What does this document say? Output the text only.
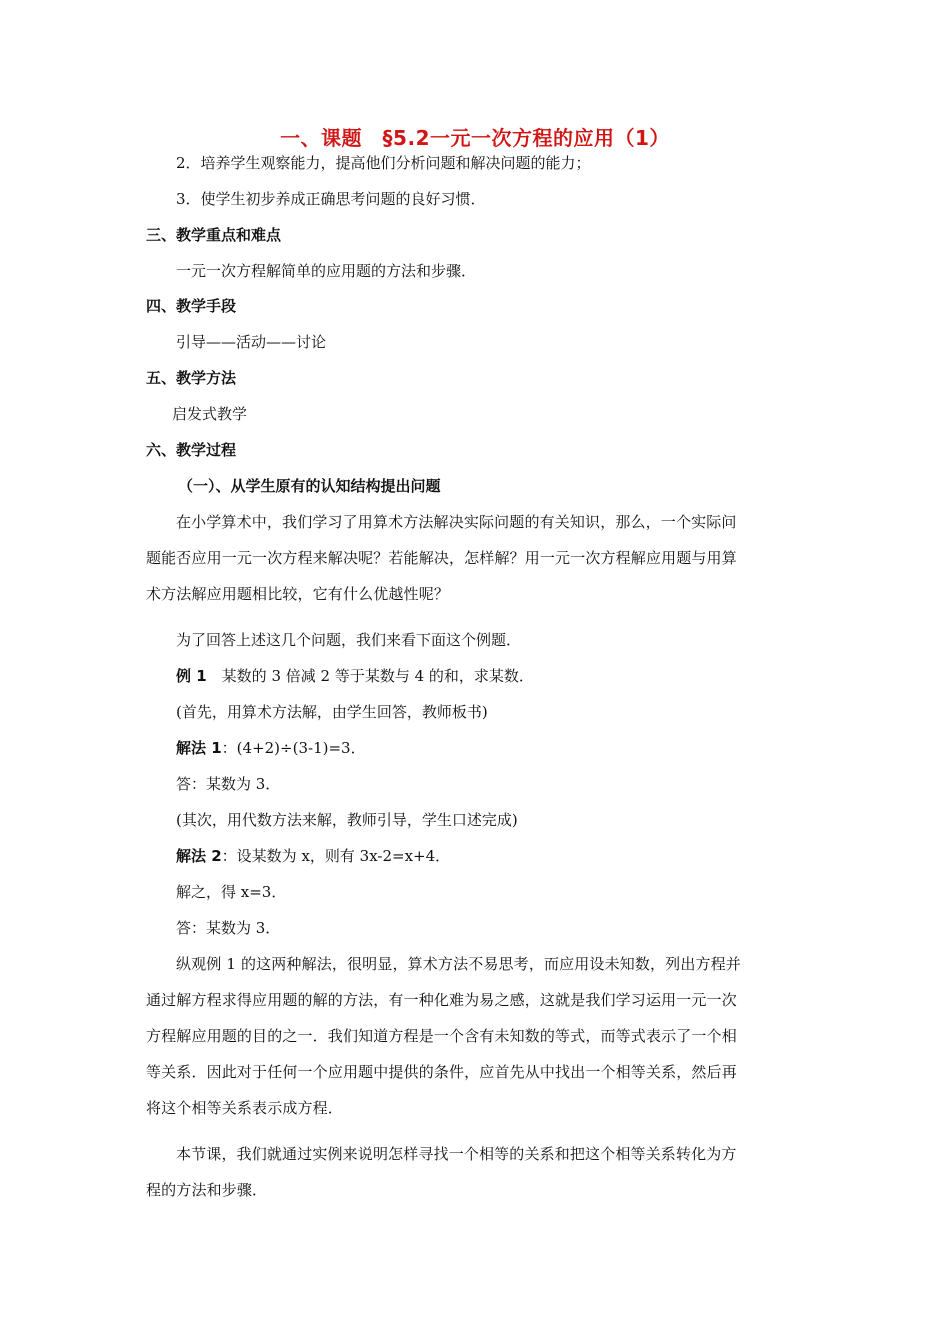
一、课题　§5.2一元一次方程的应用（1）
2．培养学生观察能力，提高他们分析问题和解决问题的能力；
3．使学生初步养成正确思考问题的良好习惯．
三、教学重点和难点
一元一次方程解简单的应用题的方法和步骤．
四、教学手段
引导——活动——讨论
五、教学方法
启发式教学
六、教学过程
（一）、从学生原有的认知结构提出问题
在小学算术中，我们学习了用算术方法解决实际问题的有关知识，那么，一个实际问
题能否应用一元一次方程来解决呢？若能解决，怎样解？用一元一次方程解应用题与用算
术方法解应用题相比较，它有什么优越性呢？
为了回答上述这几个问题，我们来看下面这个例题．
例 1　某数的 3 倍减 2 等于某数与 4 的和，求某数．
(首先，用算术方法解，由学生回答，教师板书)
解法 1：(4+2)÷(3-1)=3．
答：某数为 3．
(其次，用代数方法来解，教师引导，学生口述完成)
解法 2：设某数为 x，则有 3x-2=x+4．
解之，得 x=3．
答：某数为 3．
纵观例 1 的这两种解法，很明显，算术方法不易思考，而应用设未知数，列出方程并
通过解方程求得应用题的解的方法，有一种化难为易之感，这就是我们学习运用一元一次
方程解应用题的目的之一．我们知道方程是一个含有未知数的等式，而等式表示了一个相
等关系．因此对于任何一个应用题中提供的条件，应首先从中找出一个相等关系，然后再
将这个相等关系表示成方程．
本节课，我们就通过实例来说明怎样寻找一个相等的关系和把这个相等关系转化为方
程的方法和步骤．
